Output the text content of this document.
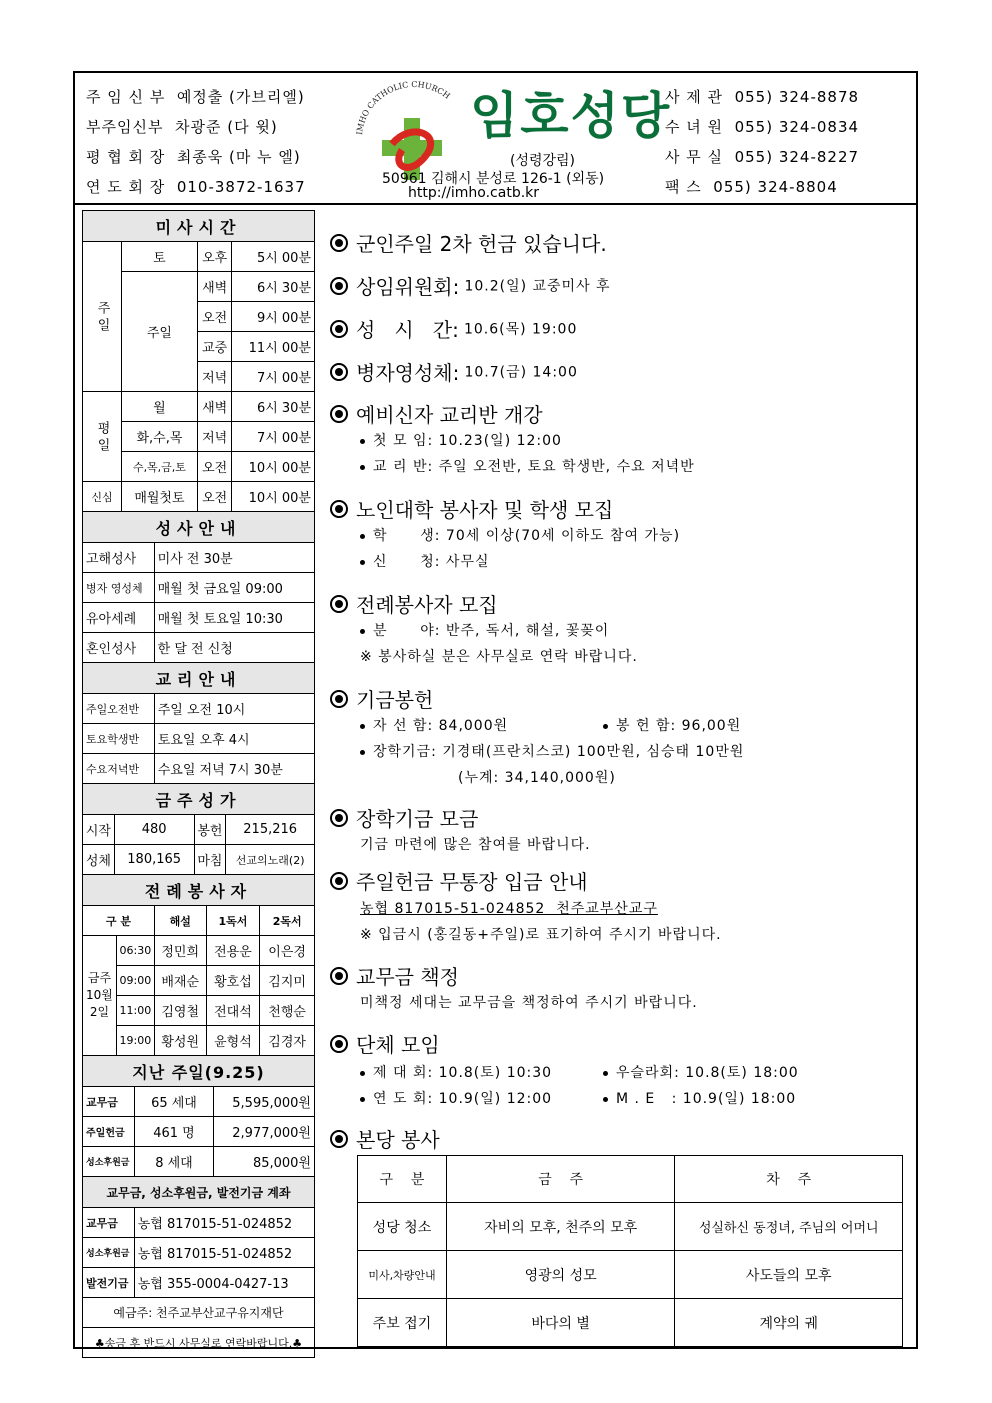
주 임 신 부 예정출 (가브리엘)
부주임신부 차광준 (다 윗)
평 협 회 장 최종욱 (마 누 엘)
연 도 회 장 010-3872-1637
IMHO CATHOLIC CHURCH 임호성당
(성령강림)
50961 김해시 분성로 126-1 (외동)
http://imho.catb.kr
사 제 관 055) 324-8878
수 녀 원 055) 324-0834
사 무 실 055) 324-8227
팩 스 055) 324-8804
미사시간			
주 일	토	오후	5시 00분
	주일	새벽	6시 30분
		오전	9시 00분
		교중	11시 00분
		저녁	7시 00분
평 일	월	새벽	6시 30분
	화,수,목	저녁	7시 00분
	수,목,금,토	오전	10시 00분
신심	매월첫토	오전	10시 00분
성사안내	
고해성사	미사 전 30분
병자 영성체	매월 첫 금요일 09:00
유아세례	매월 첫 토요일 10:30
혼인성사	한 달 전 신청
교리안내	
주일오전반	주일 오전 10시
토요학생반	토요일 오후 4시
수요저녁반	수요일 저녁 7시 30분
금주성가			
시작	480	봉헌	215,216
성체	180,165	마침	선교의노래(2)
전례봉사자				
구 분		해설	1독서	2독서
금주 10월 2일	06:30	정민희	전용운	이은경
	09:00	배재순	황호섭	김지미
	11:00	김영철	전대석	천행순
	19:00	황성원	윤형석	김경자
지난 주일(9.25)		
교무금	65 세대	5,595,000원
주일헌금	461 명	2,977,000원
성소후원금	8 세대	85,000원
교무금, 성소후원금, 발전기금 계좌	
교무금	농협 817015-51-024852
성소후원금	농협 817015-51-024852
발전기금	농협 355-0004-0427-13
예금주: 천주교부산교구유지재단	
♣송금 후 반드시 사무실로 연락바랍니다.♣	
군인주일 2차 헌금 있습니다.
상임위원회: 10.2(일) 교중미사 후
성   시   간: 10.6(목) 19:00
병자영성체: 10.7(금) 14:00
예비신자 교리반 개강
첫 모 임: 10.23(일) 12:00
교 리 반: 주일 오전반, 토요 학생반, 수요 저녁반
노인대학 봉사자 및 학생 모집
학      생: 70세 이상(70세 이하도 참여 가능)
신      청: 사무실
전례봉사자 모집
분      야: 반주, 독서, 해설, 꽃꽂이
※ 봉사하실 분은 사무실로 연락 바랍니다.
기금봉헌
자 선 함: 84,000원	봉 헌 함: 96,00원
장학기금: 기경태(프란치스코) 100만원, 심승태 10만원
(누계: 34,140,000원)
장학기금 모금
기금 마련에 많은 참여를 바랍니다.
주일헌금 무통장 입금 안내
농협 817015-51-024852  천주교부산교구
※ 입금시 (홍길동+주일)로 표기하여 주시기 바랍니다.
교무금 책정
미책정 세대는 교무금을 책정하여 주시기 바랍니다.
단체 모임
제 대 회: 10.8(토) 10:30	우슬라회: 10.8(토) 18:00
연 도 회: 10.9(일) 12:00	M . E   : 10.9(일) 18:00
본당 봉사
구    분	금    주	차    주
성당 청소	자비의 모후, 천주의 모후	성실하신 동정녀, 주님의 어머니
미사,차량안내	영광의 성모	사도들의 모후
주보 접기	바다의 별	계약의 궤
